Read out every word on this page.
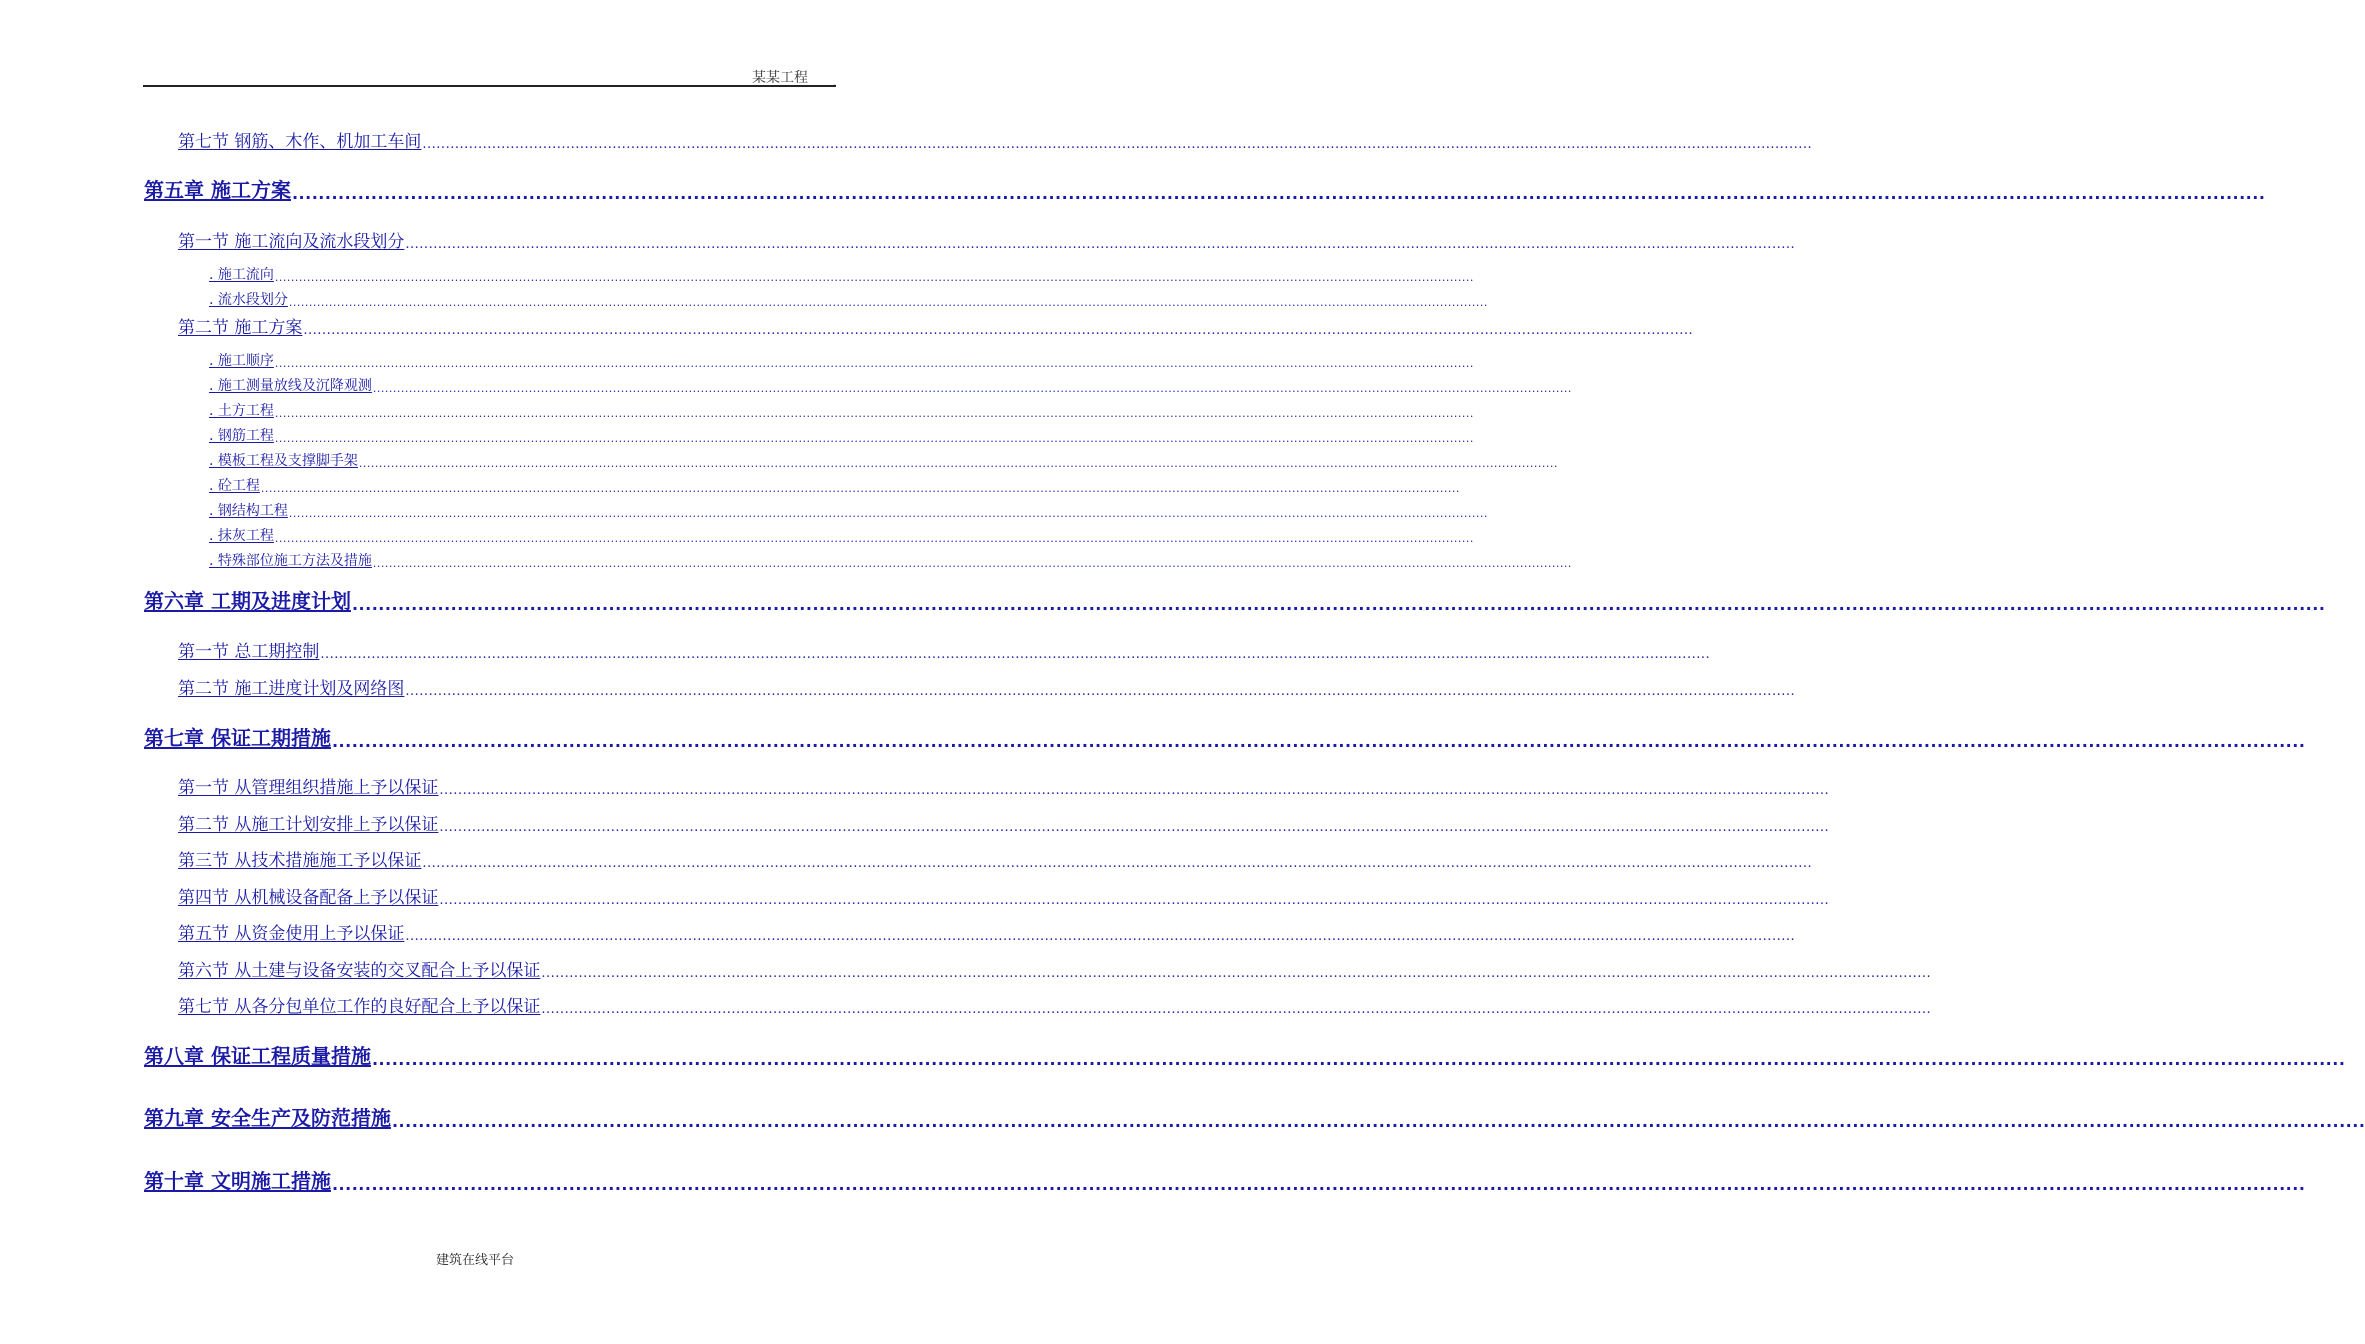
某某工程 .
第七节 钢筋、木作、机加工车间 ............................................................................................................................................................................................................................................................................................................
第五章 施工方案 ............................................................................................................................................................................................................................................................................................................
第一节 施工流向及流水段划分 ............................................................................................................................................................................................................................................................................................................
. 施工流向 ............................................................................................................................................................................................................................................................................................................
. 流水段划分 ............................................................................................................................................................................................................................................................................................................
第二节 施工方案 ............................................................................................................................................................................................................................................................................................................
. 施工顺序 ............................................................................................................................................................................................................................................................................................................
. 施工测量放线及沉降观测 ............................................................................................................................................................................................................................................................................................................
. 土方工程 ............................................................................................................................................................................................................................................................................................................
. 钢筋工程 ............................................................................................................................................................................................................................................................................................................
. 模板工程及支撑脚手架 ............................................................................................................................................................................................................................................................................................................
. 砼工程 ............................................................................................................................................................................................................................................................................................................
. 钢结构工程 ............................................................................................................................................................................................................................................................................................................
. 抹灰工程 ............................................................................................................................................................................................................................................................................................................
. 特殊部位施工方法及措施 ............................................................................................................................................................................................................................................................................................................
第六章 工期及进度计划 ............................................................................................................................................................................................................................................................................................................
第一节 总工期控制 ............................................................................................................................................................................................................................................................................................................
第二节 施工进度计划及网络图 ............................................................................................................................................................................................................................................................................................................
第七章 保证工期措施 ............................................................................................................................................................................................................................................................................................................
第一节 从管理组织措施上予以保证 ............................................................................................................................................................................................................................................................................................................
第二节 从施工计划安排上予以保证 ............................................................................................................................................................................................................................................................................................................
第三节 从技术措施施工予以保证 ............................................................................................................................................................................................................................................................................................................
第四节 从机械设备配备上予以保证 ............................................................................................................................................................................................................................................................................................................
第五节 从资金使用上予以保证 ............................................................................................................................................................................................................................................................................................................
第六节 从土建与设备安装的交叉配合上予以保证 ............................................................................................................................................................................................................................................................................................................
第七节 从各分包单位工作的良好配合上予以保证 ............................................................................................................................................................................................................................................................................................................
第八章 保证工程质量措施 ............................................................................................................................................................................................................................................................................................................
第九章 安全生产及防范措施 ............................................................................................................................................................................................................................................................................................................
第十章 文明施工措施 ............................................................................................................................................................................................................................................................................................................
建筑在线平台
